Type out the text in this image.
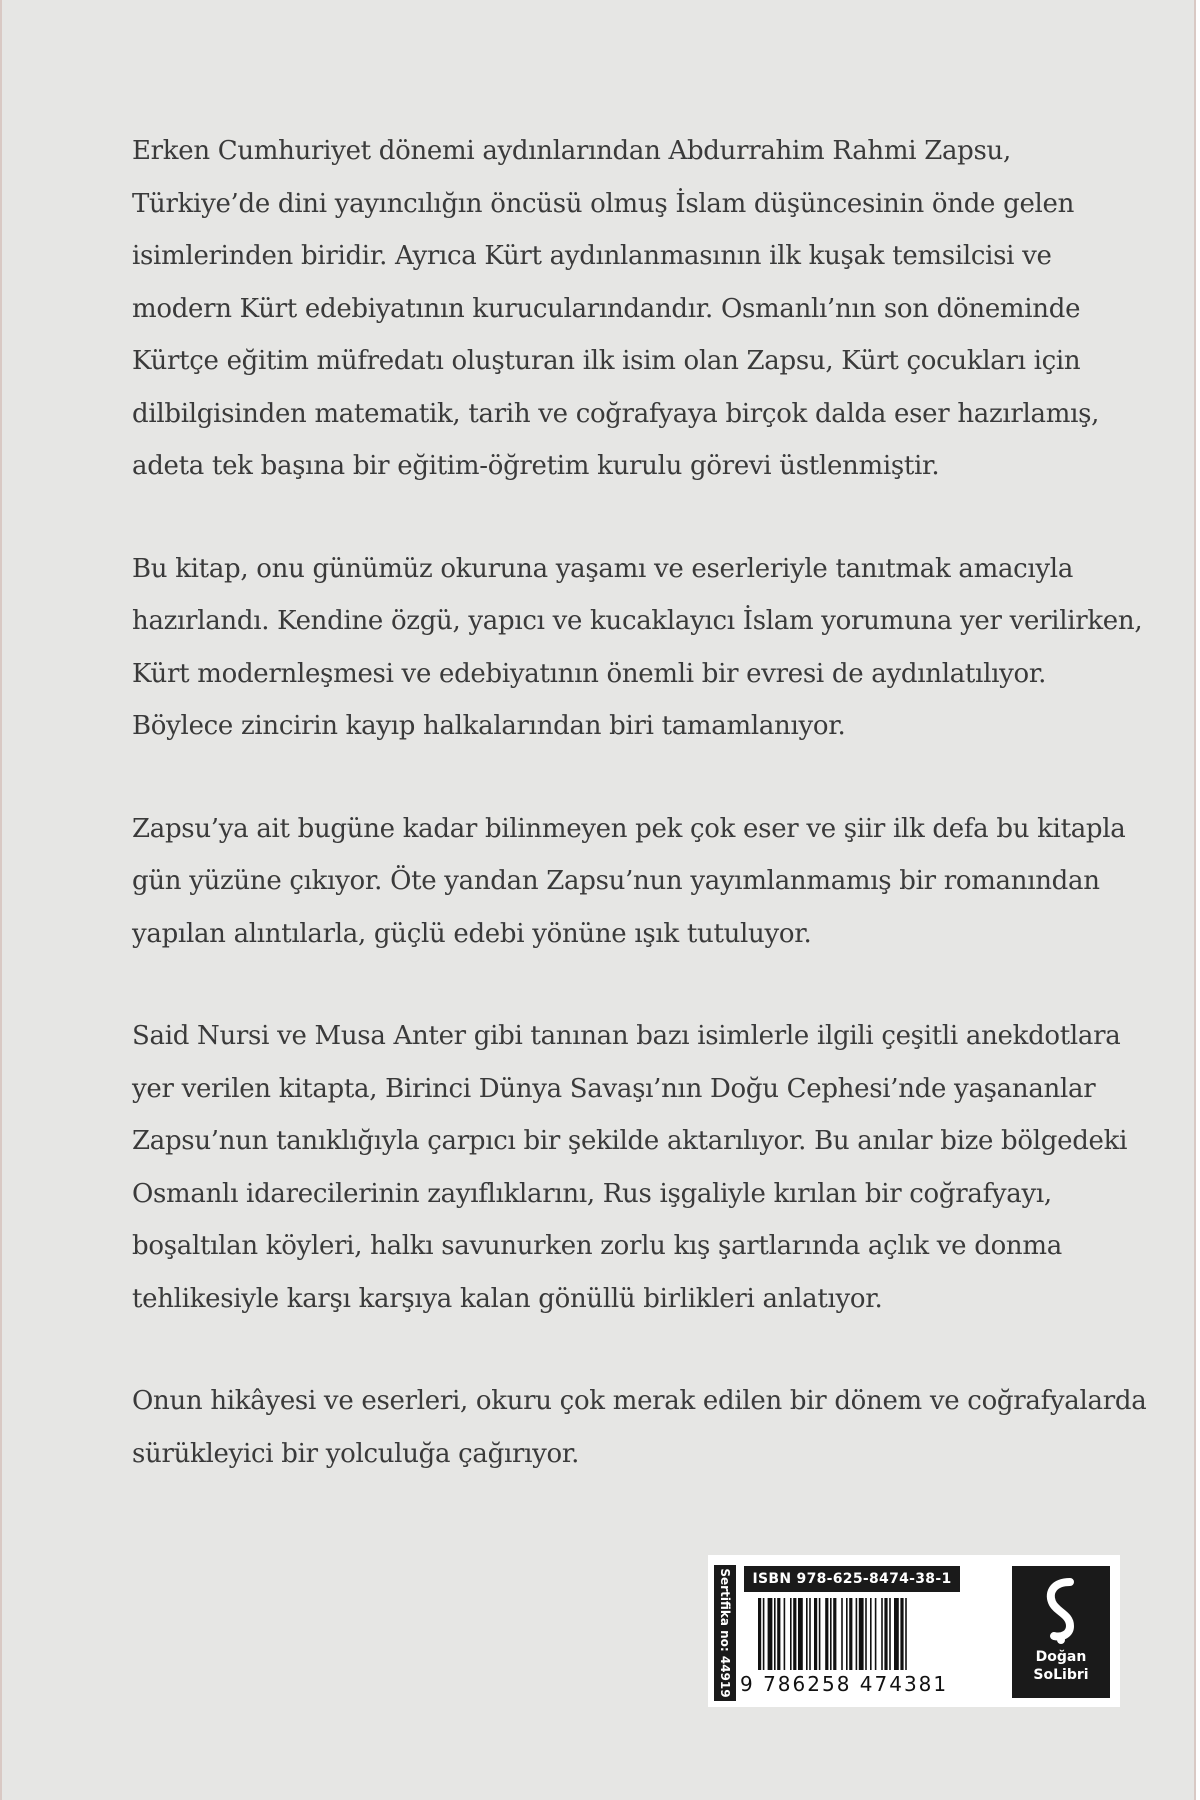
Erken Cumhuriyet dönemi aydınlarından Abdurrahim Rahmi Zapsu,
Türkiye’de dini yayıncılığın öncüsü olmuş İslam düşüncesinin önde gelen
isimlerinden biridir. Ayrıca Kürt aydınlanmasının ilk kuşak temsilcisi ve
modern Kürt edebiyatının kurucularındandır. Osmanlı’nın son döneminde
Kürtçe eğitim müfredatı oluşturan ilk isim olan Zapsu, Kürt çocukları için
dilbilgisinden matematik, tarih ve coğrafyaya birçok dalda eser hazırlamış,
adeta tek başına bir eğitim-öğretim kurulu görevi üstlenmiştir.

Bu kitap, onu günümüz okuruna yaşamı ve eserleriyle tanıtmak amacıyla
hazırlandı. Kendine özgü, yapıcı ve kucaklayıcı İslam yorumuna yer verilirken,
Kürt modernleşmesi ve edebiyatının önemli bir evresi de aydınlatılıyor.
Böylece zincirin kayıp halkalarından biri tamamlanıyor.

Zapsu’ya ait bugüne kadar bilinmeyen pek çok eser ve şiir ilk defa bu kitapla
gün yüzüne çıkıyor. Öte yandan Zapsu’nun yayımlanmamış bir romanından
yapılan alıntılarla, güçlü edebi yönüne ışık tutuluyor.

Said Nursi ve Musa Anter gibi tanınan bazı isimlerle ilgili çeşitli anekdotlara
yer verilen kitapta, Birinci Dünya Savaşı’nın Doğu Cephesi’nde yaşananlar
Zapsu’nun tanıklığıyla çarpıcı bir şekilde aktarılıyor. Bu anılar bize bölgedeki
Osmanlı idarecilerinin zayıflıklarını, Rus işgaliyle kırılan bir coğrafyayı,
boşaltılan köyleri, halkı savunurken zorlu kış şartlarında açlık ve donma
tehlikesiyle karşı karşıya kalan gönüllü birlikleri anlatıyor.

Onun hikâyesi ve eserleri, okuru çok merak edilen bir dönem ve coğrafyalarda
sürükleyici bir yolculuğa çağırıyor.

Sertifika no: 44919	ISBN 978-625-8474-38-1
9 786258 474381
Doğan
SoLibri
